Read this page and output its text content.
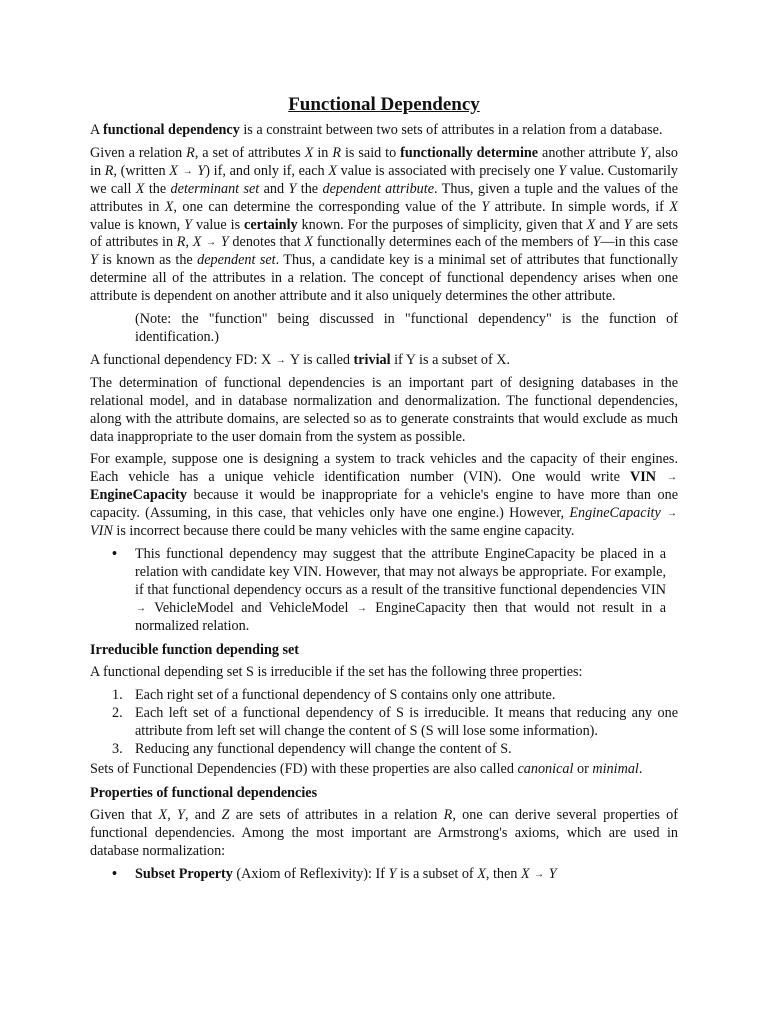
Functional Dependency

A functional dependency is a constraint between two sets of attributes in a relation from a database.

Given a relation R, a set of attributes X in R is said to functionally determine another attribute Y, also in R, (written X → Y) if, and only if, each X value is associated with precisely one Y value. Customarily we call X the determinant set and Y the dependent attribute. Thus, given a tuple and the values of the attributes in X, one can determine the corresponding value of the Y attribute. In simple words, if X value is known, Y value is certainly known. For the purposes of simplicity, given that X and Y are sets of attributes in R, X → Y denotes that X functionally determines each of the members of Y—in this case Y is known as the dependent set. Thus, a candidate key is a minimal set of attributes that functionally determine all of the attributes in a relation. The concept of functional dependency arises when one attribute is dependent on another attribute and it also uniquely determines the other attribute.

(Note: the "function" being discussed in "functional dependency" is the function of identification.)

A functional dependency FD: X → Y is called trivial if Y is a subset of X.

The determination of functional dependencies is an important part of designing databases in the relational model, and in database normalization and denormalization. The functional dependencies, along with the attribute domains, are selected so as to generate constraints that would exclude as much data inappropriate to the user domain from the system as possible.

For example, suppose one is designing a system to track vehicles and the capacity of their engines. Each vehicle has a unique vehicle identification number (VIN). One would write VIN → EngineCapacity because it would be inappropriate for a vehicle's engine to have more than one capacity. (Assuming, in this case, that vehicles only have one engine.) However, EngineCapacity → VIN is incorrect because there could be many vehicles with the same engine capacity.

• This functional dependency may suggest that the attribute EngineCapacity be placed in a relation with candidate key VIN. However, that may not always be appropriate. For example, if that functional dependency occurs as a result of the transitive functional dependencies VIN → VehicleModel and VehicleModel → EngineCapacity then that would not result in a normalized relation.
Irreducible function depending set

A functional depending set S is irreducible if the set has the following three properties:

1. Each right set of a functional dependency of S contains only one attribute.
2. Each left set of a functional dependency of S is irreducible. It means that reducing any one attribute from left set will change the content of S (S will lose some information).
3. Reducing any functional dependency will change the content of S.

Sets of Functional Dependencies (FD) with these properties are also called canonical or minimal.

Properties of functional dependencies

Given that X, Y, and Z are sets of attributes in a relation R, one can derive several properties of functional dependencies. Among the most important are Armstrong's axioms, which are used in database normalization:

• Subset Property (Axiom of Reflexivity): If Y is a subset of X, then X → Y
